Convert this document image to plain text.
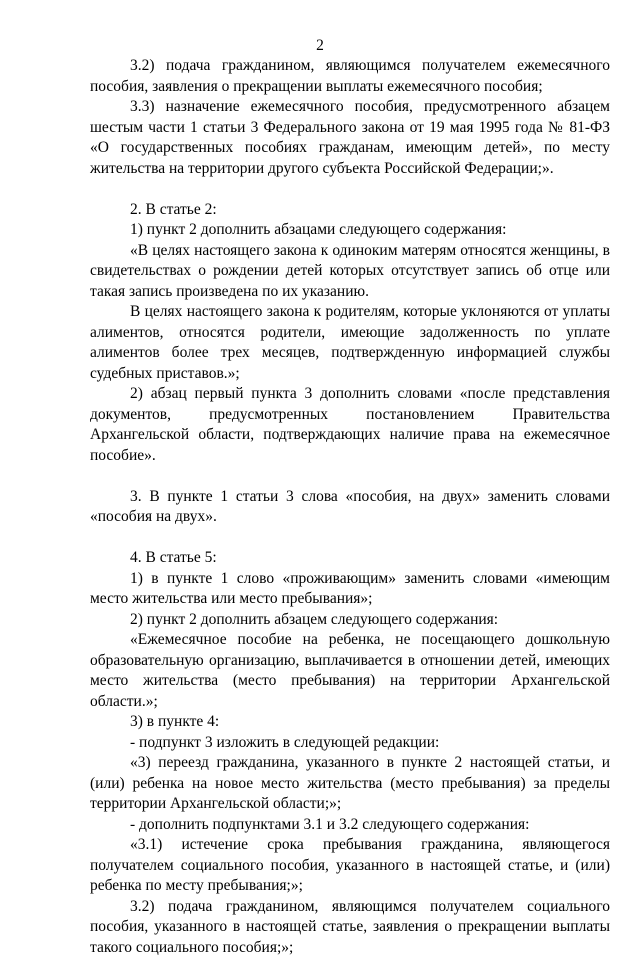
2

3.2) подача гражданином, являющимся получателем ежемесячного пособия, заявления о прекращении выплаты ежемесячного пособия;

3.3) назначение ежемесячного пособия, предусмотренного абзацем шестым части 1 статьи 3 Федерального закона от 19 мая 1995 года № 81-ФЗ «О государственных пособиях гражданам, имеющим детей», по месту жительства на территории другого субъекта Российской Федерации;».

2. В статье 2:

1) пункт 2 дополнить абзацами следующего содержания:

«В целях настоящего закона к одиноким матерям относятся женщины, в свидетельствах о рождении детей которых отсутствует запись об отце или такая запись произведена по их указанию.

В целях настоящего закона к родителям, которые уклоняются от уплаты алиментов, относятся родители, имеющие задолженность по уплате алиментов более трех месяцев, подтвержденную информацией службы судебных приставов.»;

2) абзац первый пункта 3 дополнить словами «после представления документов, предусмотренных постановлением Правительства Архангельской области, подтверждающих наличие права на ежемесячное пособие».

3. В пункте 1 статьи 3 слова «пособия, на двух» заменить словами «пособия на двух».

4. В статье 5:

1) в пункте 1 слово «проживающим» заменить словами «имеющим место жительства или место пребывания»;

2) пункт 2 дополнить абзацем следующего содержания:

«Ежемесячное пособие на ребенка, не посещающего дошкольную образовательную организацию, выплачивается в отношении детей, имеющих место жительства (место пребывания) на территории Архангельской области.»;

3) в пункте 4:

- подпункт 3 изложить в следующей редакции:

«3) переезд гражданина, указанного в пункте 2 настоящей статьи, и (или) ребенка на новое место жительства (место пребывания) за пределы территории Архангельской области;»;

- дополнить подпунктами 3.1 и 3.2 следующего содержания:

«3.1) истечение срока пребывания гражданина, являющегося получателем социального пособия, указанного в настоящей статье, и (или) ребенка по месту пребывания;»;

3.2) подача гражданином, являющимся получателем социального пособия, указанного в настоящей статье, заявления о прекращении выплаты такого социального пособия;»;
